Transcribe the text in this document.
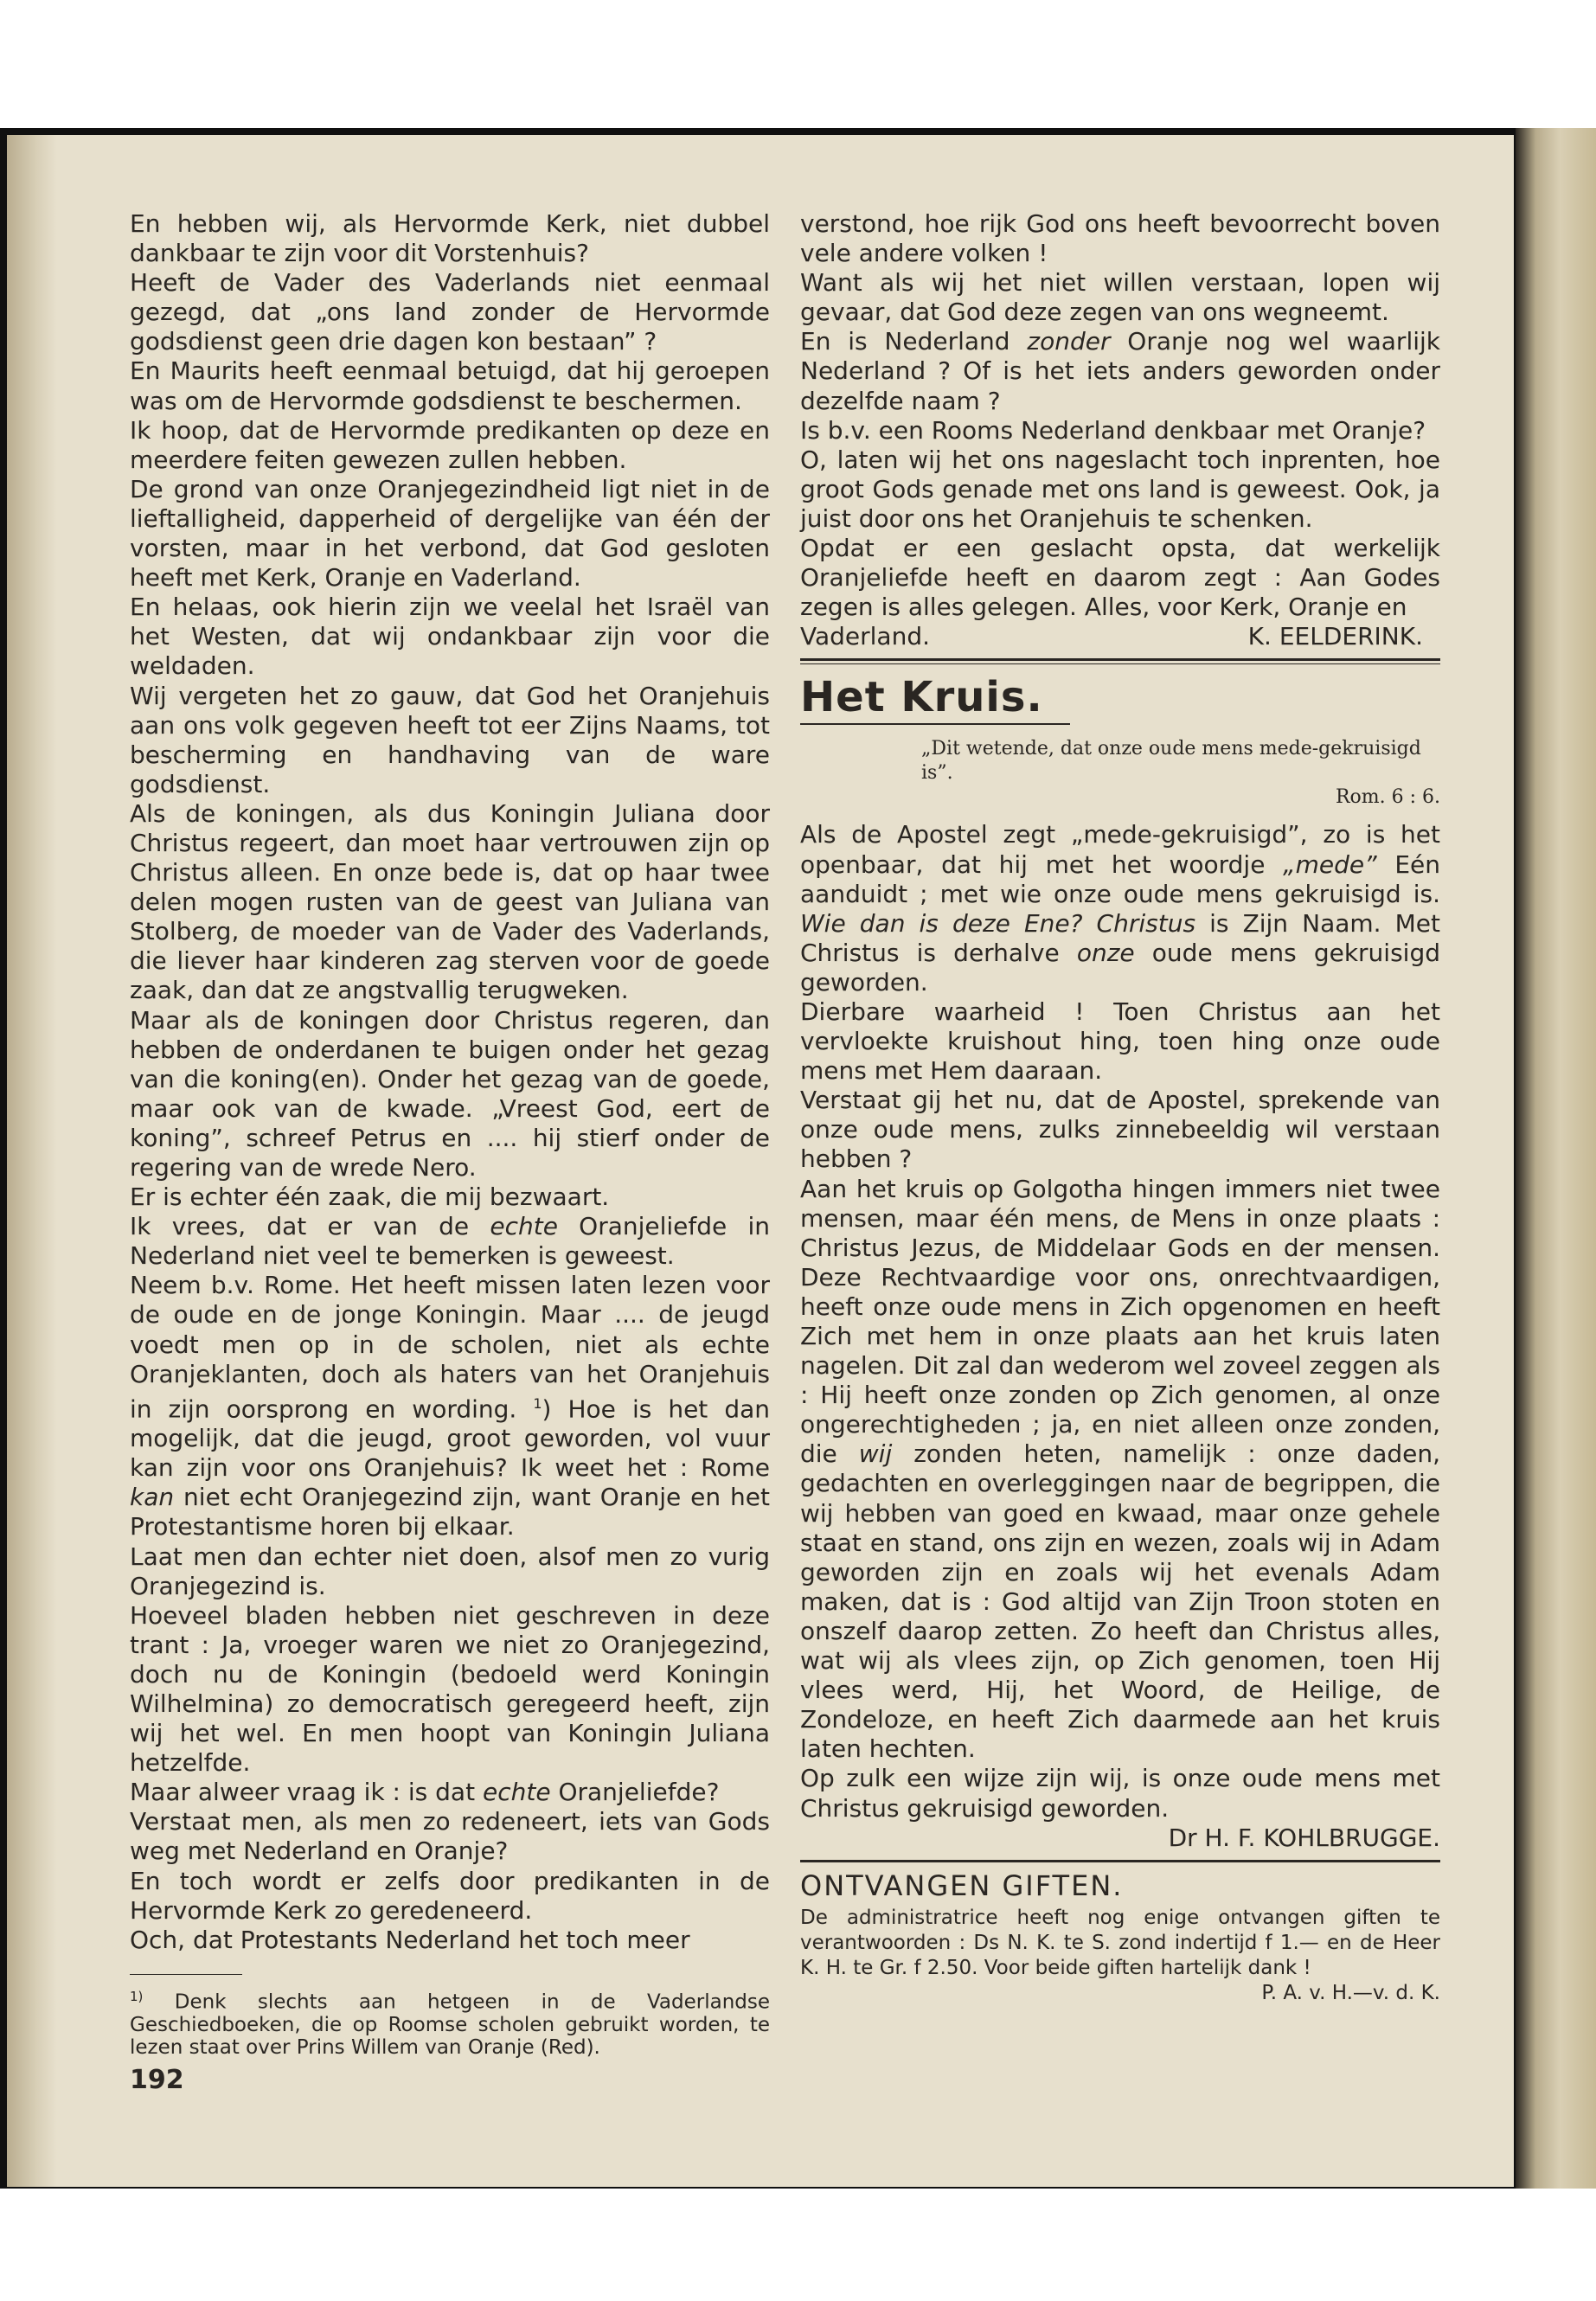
En hebben wij, als Hervormde Kerk, niet dubbel dankbaar te zijn voor dit Vorstenhuis?

Heeft de Vader des Vaderlands niet eenmaal gezegd, dat „ons land zonder de Hervormde godsdienst geen drie dagen kon bestaan” ?

En Maurits heeft eenmaal betuigd, dat hij geroepen was om de Hervormde godsdienst te beschermen.

Ik hoop, dat de Hervormde predikanten op deze en meerdere feiten gewezen zullen hebben.

De grond van onze Oranjegezindheid ligt niet in de lieftalligheid, dapperheid of dergelijke van één der vorsten, maar in het verbond, dat God gesloten heeft met Kerk, Oranje en Vaderland.

En helaas, ook hierin zijn we veelal het Israël van het Westen, dat wij ondankbaar zijn voor die weldaden.

Wij vergeten het zo gauw, dat God het Oranjehuis aan ons volk gegeven heeft tot eer Zijns Naams, tot bescherming en handhaving van de ware godsdienst.

Als de koningen, als dus Koningin Juliana door Christus regeert, dan moet haar vertrouwen zijn op Christus alleen. En onze bede is, dat op haar twee delen mogen rusten van de geest van Juliana van Stolberg, de moeder van de Vader des Vaderlands, die liever haar kinderen zag sterven voor de goede zaak, dan dat ze angstvallig terugweken.

Maar als de koningen door Christus regeren, dan hebben de onderdanen te buigen onder het gezag van die koning(en). Onder het gezag van de goede, maar ook van de kwade. „Vreest God, eert de koning”, schreef Petrus en .... hij stierf onder de regering van de wrede Nero.

Er is echter één zaak, die mij bezwaart.

Ik vrees, dat er van de echte Oranjeliefde in Nederland niet veel te bemerken is geweest.

Neem b.v. Rome. Het heeft missen laten lezen voor de oude en de jonge Koningin. Maar .... de jeugd voedt men op in de scholen, niet als echte Oranjeklanten, doch als haters van het Oranjehuis in zijn oorsprong en wording. $^1$) Hoe is het dan mogelijk, dat die jeugd, groot geworden, vol vuur kan zijn voor ons Oranjehuis? Ik weet het : Rome kan niet echt Oranjegezind zijn, want Oranje en het Protestantisme horen bij elkaar.

Laat men dan echter niet doen, alsof men zo vurig Oranjegezind is.

Hoeveel bladen hebben niet geschreven in deze trant : Ja, vroeger waren we niet zo Oranjegezind, doch nu de Koningin (bedoeld werd Koningin Wilhelmina) zo democratisch geregeerd heeft, zijn wij het wel. En men hoopt van Koningin Juliana hetzelfde.

Maar alweer vraag ik : is dat echte Oranjeliefde?

Verstaat men, als men zo redeneert, iets van Gods weg met Nederland en Oranje?

En toch wordt er zelfs door predikanten in de Hervormde Kerk zo geredeneerd.

Och, dat Protestants Nederland het toch meer

$^{1)}$ Denk slechts aan hetgeen in de Vaderlandse Geschiedboeken, die op Roomse scholen gebruikt worden, te lezen staat over Prins Willem van Oranje (Red).

192

verstond, hoe rijk God ons heeft bevoorrecht boven vele andere volken !

Want als wij het niet willen verstaan, lopen wij gevaar, dat God deze zegen van ons wegneemt.

En is Nederland zonder Oranje nog wel waarlijk Nederland ? Of is het iets anders geworden onder dezelfde naam ?

Is b.v. een Rooms Nederland denkbaar met Oranje?

O, laten wij het ons nageslacht toch inprenten, hoe groot Gods genade met ons land is geweest. Ook, ja juist door ons het Oranjehuis te schenken.

Opdat er een geslacht opsta, dat werkelijk Oranjeliefde heeft en daarom zegt : Aan Godes zegen is alles gelegen. Alles, voor Kerk, Oranje en

Vaderland.	K. EELDERINK.
Het Kruis.
„Dit wetende, dat onze oude mens mede-gekruisigd is”.
Rom. 6 : 6.

Als de Apostel zegt „mede-gekruisigd”, zo is het openbaar, dat hij met het woordje „mede” Eén aanduidt ; met wie onze oude mens gekruisigd is. Wie dan is deze Ene? Christus is Zijn Naam. Met Christus is derhalve onze oude mens gekruisigd geworden.

Dierbare waarheid ! Toen Christus aan het vervloekte kruishout hing, toen hing onze oude mens met Hem daaraan.

Verstaat gij het nu, dat de Apostel, sprekende van onze oude mens, zulks zinnebeeldig wil verstaan hebben ?

Aan het kruis op Golgotha hingen immers niet twee mensen, maar één mens, de Mens in onze plaats : Christus Jezus, de Middelaar Gods en der mensen. Deze Rechtvaardige voor ons, onrechtvaardigen, heeft onze oude mens in Zich opgenomen en heeft Zich met hem in onze plaats aan het kruis laten nagelen. Dit zal dan wederom wel zoveel zeggen als : Hij heeft onze zonden op Zich genomen, al onze ongerechtigheden ; ja, en niet alleen onze zonden, die wij zonden heten, namelijk : onze daden, gedachten en overleggingen naar de begrippen, die wij hebben van goed en kwaad, maar onze gehele staat en stand, ons zijn en wezen, zoals wij in Adam geworden zijn en zoals wij het evenals Adam maken, dat is : God altijd van Zijn Troon stoten en onszelf daarop zetten. Zo heeft dan Christus alles, wat wij als vlees zijn, op Zich genomen, toen Hij vlees werd, Hij, het Woord, de Heilige, de Zondeloze, en heeft Zich daarmede aan het kruis laten hechten.

Op zulk een wijze zijn wij, is onze oude mens met Christus gekruisigd geworden.

Dr H. F. KOHLBRUGGE.
ONTVANGEN GIFTEN.

De administratrice heeft nog enige ontvangen giften te verantwoorden : Ds N. K. te S. zond indertijd f 1.— en de Heer K. H. te Gr. f 2.50. Voor beide giften hartelijk dank !

P. A. v. H.—v. d. K.
